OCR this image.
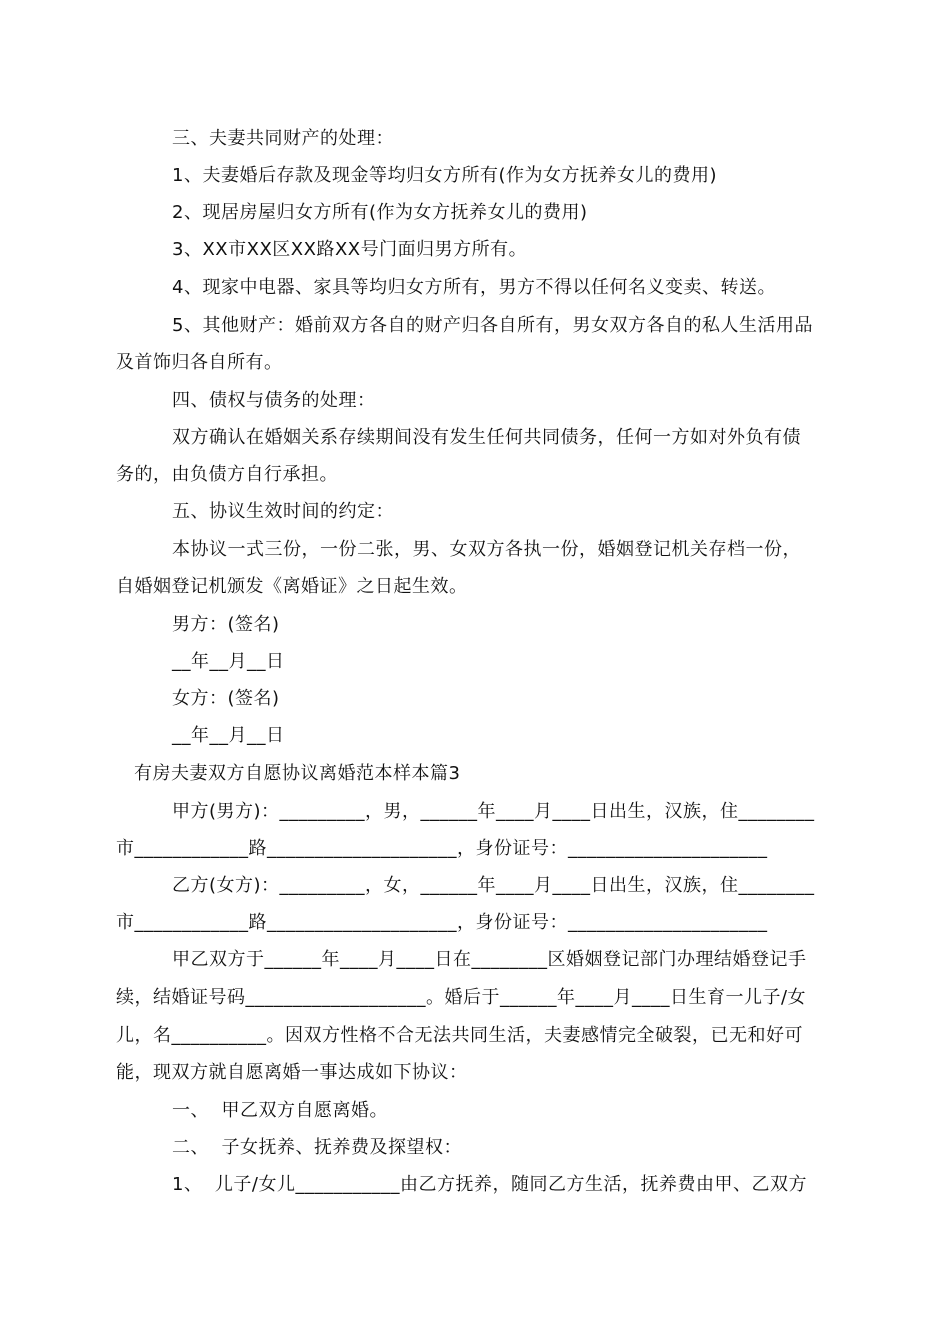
三、夫妻共同财产的处理：
1、夫妻婚后存款及现金等均归女方所有(作为女方抚养女儿的费用)
2、现居房屋归女方所有(作为女方抚养女儿的费用)
3、XX市XX区XX路XX号门面归男方所有。
4、现家中电器、家具等均归女方所有，男方不得以任何名义变卖、转送。
5、其他财产：婚前双方各自的财产归各自所有，男女双方各自的私人生活用品
及首饰归各自所有。
四、债权与债务的处理：
双方确认在婚姻关系存续期间没有发生任何共同债务，任何一方如对外负有债
务的，由负债方自行承担。
五、协议生效时间的约定：
本协议一式三份，一份二张，男、女双方各执一份，婚姻登记机关存档一份，
自婚姻登记机颁发《离婚证》之日起生效。
男方：(签名)
__年__月__日
女方：(签名)
__年__月__日
有房夫妻双方自愿协议离婚范本样本篇3
甲方(男方)：_________，男，______年____月____日出生，汉族，住________
市____________路____________________，身份证号：_____________________
乙方(女方)：_________，女，______年____月____日出生，汉族，住________
市____________路____________________，身份证号：_____________________
甲乙双方于______年____月____日在________区婚姻登记部门办理结婚登记手
续，结婚证号码___________________。婚后于______年____月____日生育一儿子/女
儿，名__________。因双方性格不合无法共同生活，夫妻感情完全破裂，已无和好可
能，现双方就自愿离婚一事达成如下协议：
一、  甲乙双方自愿离婚。
二、  子女抚养、抚养费及探望权：
1、  儿子/女儿___________由乙方抚养，随同乙方生活，抚养费由甲、乙双方
